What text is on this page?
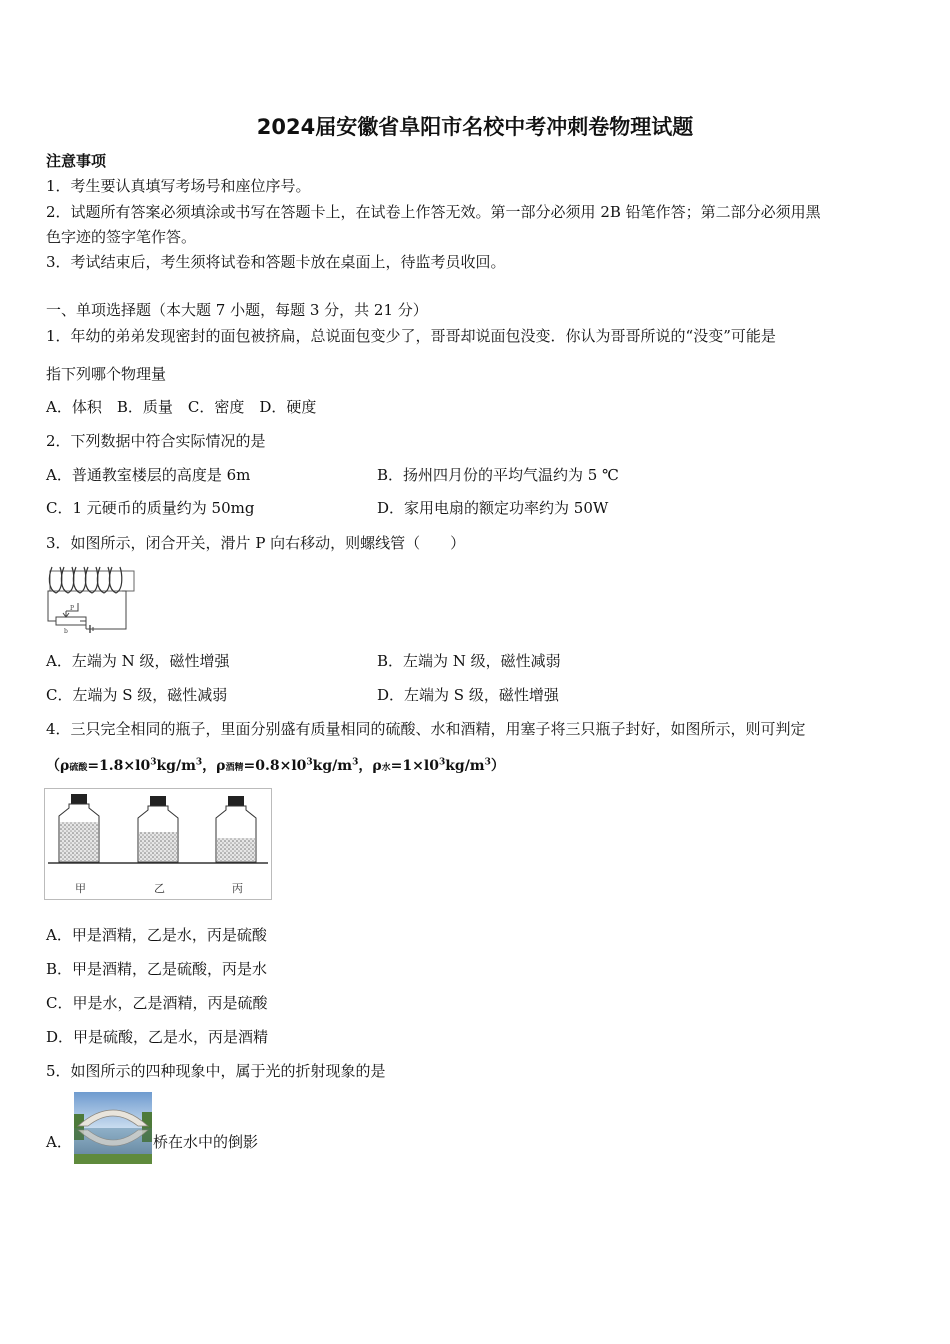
2024届安徽省阜阳市名校中考冲刺卷物理试题
注意事项
1．考生要认真填写考场号和座位序号。
2．试题所有答案必须填涂或书写在答题卡上，在试卷上作答无效。第一部分必须用 2B 铅笔作答；第二部分必须用黑
色字迹的签字笔作答。
3．考试结束后，考生须将试卷和答题卡放在桌面上，待监考员收回。
一、单项选择题（本大题 7 小题，每题 3 分，共 21 分）
1．年幼的弟弟发现密封的面包被挤扁，总说面包变少了，哥哥却说面包没变．你认为哥哥所说的“没变”可能是
指下列哪个物理量
A．体积　B．质量　C．密度　D．硬度
2．下列数据中符合实际情况的是
A．普通教室楼层的高度是 6m	B．扬州四月份的平均气温约为 5 ℃
C．1 元硬币的质量约为 50mg	D．家用电扇的额定功率约为 50W
3．如图所示，闭合开关，滑片 P 向右移动，则螺线管（　　）
P
b
A．左端为 N 级，磁性增强	B．左端为 N 级，磁性减弱
C．左端为 S 级，磁性减弱	D．左端为 S 级，磁性增强
4．三只完全相同的瓶子，里面分别盛有质量相同的硫酸、水和酒精，用塞子将三只瓶子封好，如图所示，则可判定
（ρ硫酸$=1.8\times l0^3kg/m^3$，ρ酒精$=0.8\times l0^3kg/m^3$，ρ水$=1\times l0^3kg/m^3$）
甲	乙	丙
A．甲是酒精，乙是水，丙是硫酸
B．甲是酒精，乙是硫酸，丙是水
C．甲是水，乙是酒精，丙是硫酸
D．甲是硫酸，乙是水，丙是酒精
5．如图所示的四种现象中，属于光的折射现象的是
A．	桥在水中的倒影
